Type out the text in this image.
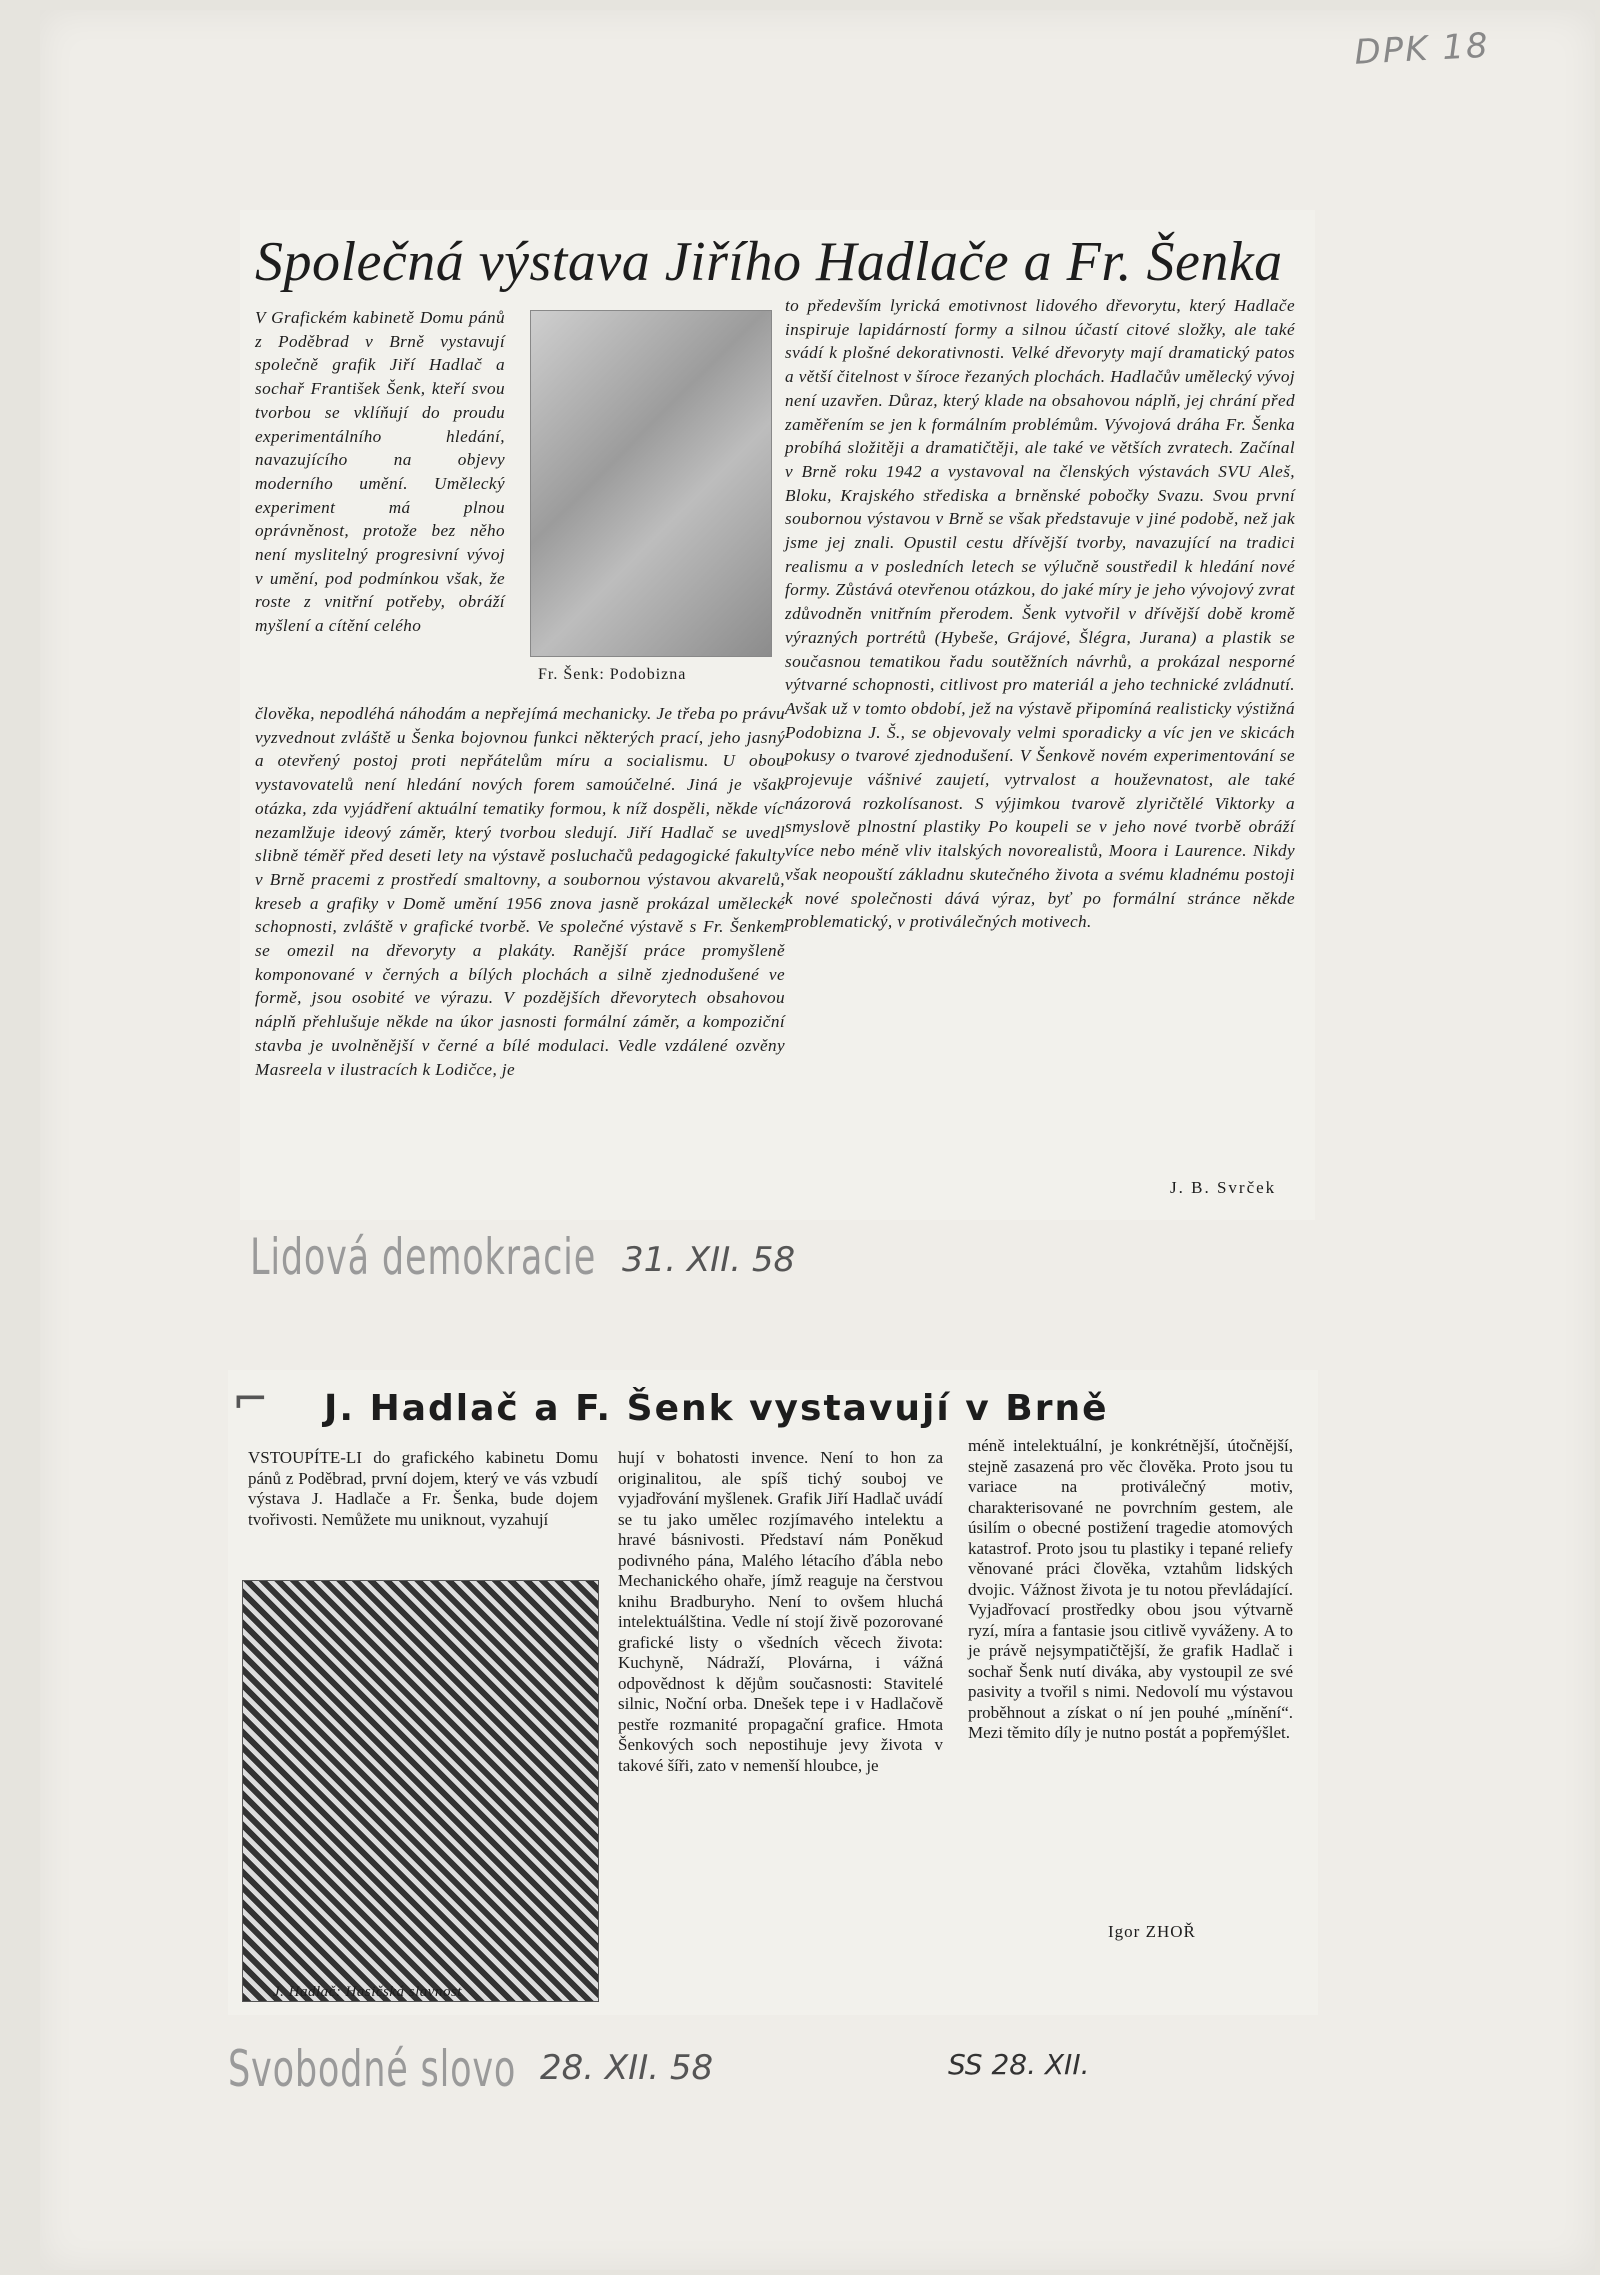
DPK 18
Společná výstava Jiřího Hadlače a Fr. Šenka

V Grafickém kabinetě Domu pánů z Poděbrad v Brně vystavují společně grafik Jiří Hadlač a sochař František Šenk, kteří svou tvorbou se vklíňují do proudu experimentálního hledání, navazujícího na objevy moderního umění. Umělecký experiment má plnou oprávněnost, protože bez něho není myslitelný progresivní vývoj v umění, pod podmínkou však, že roste z vnitřní potřeby, obráží myšlení a cítění celého

Fr. Šenk: Podobizna

člověka, nepodléhá náhodám a nepřejímá mechanicky. Je třeba po právu vyzvednout zvláště u Šenka bojovnou funkci některých prací, jeho jasný a otevřený postoj proti nepřátelům míru a socialismu. U obou vystavovatelů není hledání nových forem samoúčelné. Jiná je však otázka, zda vyjádření aktuální tematiky formou, k níž dospěli, někde víc nezamlžuje ideový záměr, který tvorbou sledují. Jiří Hadlač se uvedl slibně téměř před deseti lety na výstavě posluchačů pedagogické fakulty v Brně pracemi z prostředí smaltovny, a soubornou výstavou akvarelů, kreseb a grafiky v Domě umění 1956 znova jasně prokázal umělecké schopnosti, zvláště v grafické tvorbě. Ve společné výstavě s Fr. Šenkem se omezil na dřevoryty a plakáty. Ranější práce promyšleně komponované v černých a bílých plochách a silně zjednodušené ve formě, jsou osobité ve výrazu. V pozdějších dřevorytech obsahovou náplň přehlušuje někde na úkor jasnosti formální záměr, a kompoziční stavba je uvolněnější v černé a bílé modulaci. Vedle vzdálené ozvěny Masreela v ilustracích k Lodičce, je

to především lyrická emotivnost lidového dřevorytu, který Hadlače inspiruje lapidárností formy a silnou účastí citové složky, ale také svádí k plošné dekorativnosti. Velké dřevoryty mají dramatický patos a větší čitelnost v šíroce řezaných plochách. Hadlačův umělecký vývoj není uzavřen. Důraz, který klade na obsahovou náplň, jej chrání před zaměřením se jen k formálním problémům. Vývojová dráha Fr. Šenka probíhá složitěji a dramatičtěji, ale také ve větších zvratech. Začínal v Brně roku 1942 a vystavoval na členských výstavách SVU Aleš, Bloku, Krajského střediska a brněnské pobočky Svazu. Svou první soubornou výstavou v Brně se však představuje v jiné podobě, než jak jsme jej znali. Opustil cestu dřívější tvorby, navazující na tradici realismu a v posledních letech se výlučně soustředil k hledání nové formy. Zůstává otevřenou otázkou, do jaké míry je jeho vývojový zvrat zdůvodněn vnitřním přerodem. Šenk vytvořil v dřívější době kromě výrazných portrétů (Hybeše, Grájové, Šlégra, Jurana) a plastik se současnou tematikou řadu soutěžních návrhů, a prokázal nesporné výtvarné schopnosti, citlivost pro materiál a jeho technické zvládnutí. Avšak už v tomto období, jež na výstavě připomíná realisticky výstižná Podobizna J. Š., se objevovaly velmi sporadicky a víc jen ve skicách pokusy o tvarové zjednodušení. V Šenkově novém experimentování se projevuje vášnivé zaujetí, vytrvalost a houževnatost, ale také názorová rozkolísanost. S výjimkou tvarově zlyričtělé Viktorky a smyslově plnostní plastiky Po koupeli se v jeho nové tvorbě obráží více nebo méně vliv italských novorealistů, Moora i Laurence. Nikdy však neopouští základnu skutečného života a svému kladnému postoji k nové společnosti dává výraz, byť po formální stránce někde problematický, v protiválečných motivech.

J. B. Svrček
Lidová demokracie 31. XII. 58
J. Hadlač a F. Šenk vystavují v Brně

VSTOUPÍTE-LI do grafického kabinetu Domu pánů z Poděbrad, první dojem, který ve vás vzbudí výstava J. Hadlače a Fr. Šenka, bude dojem tvořivosti. Nemůžete mu uniknout, vyzahují

J. Hadlač: Hasičská slavnost

hují v bohatosti invence. Není to hon za originalitou, ale spíš tichý souboj ve vyjadřování myšlenek. Grafik Jiří Hadlač uvádí se tu jako umělec rozjímavého intelektu a hravé básnivosti. Představí nám Poněkud podivného pána, Malého létacího ďábla nebo Mechanického ohaře, jímž reaguje na čerstvou knihu Bradburyho. Není to ovšem hluchá intelektuálština. Vedle ní stojí živě pozorované grafické listy o všedních věcech života: Kuchyně, Nádraží, Plovárna, i vážná odpovědnost k dějům současnosti: Stavitelé silnic, Noční orba. Dnešek tepe i v Hadlačově pestře rozmanité propagační grafice. Hmota Šenkových soch nepostihuje jevy života v takové šíři, zato v nemenší hloubce, je

méně intelektuální, je konkrétnější, útočnější, stejně zasazená pro věc člověka. Proto jsou tu variace na protiválečný motiv, charakterisované ne povrchním gestem, ale úsilím o obecné postižení tragedie atomových katastrof. Proto jsou tu plastiky i tepané reliefy věnované práci člověka, vztahům lidských dvojic. Vážnost života je tu notou převládající. Vyjadřovací prostředky obou jsou výtvarně ryzí, míra a fantasie jsou citlivě vyváženy. A to je právě nejsympatičtější, že grafik Hadlač i sochař Šenk nutí diváka, aby vystoupil ze své pasivity a tvořil s nimi. Nedovolí mu výstavou proběhnout a získat o ní jen pouhé „mínění“. Mezi těmito díly je nutno postát a popřemýšlet.

Igor ZHOŘ
⌐
SS 28. XII.
Svobodné slovo 28. XII. 58
